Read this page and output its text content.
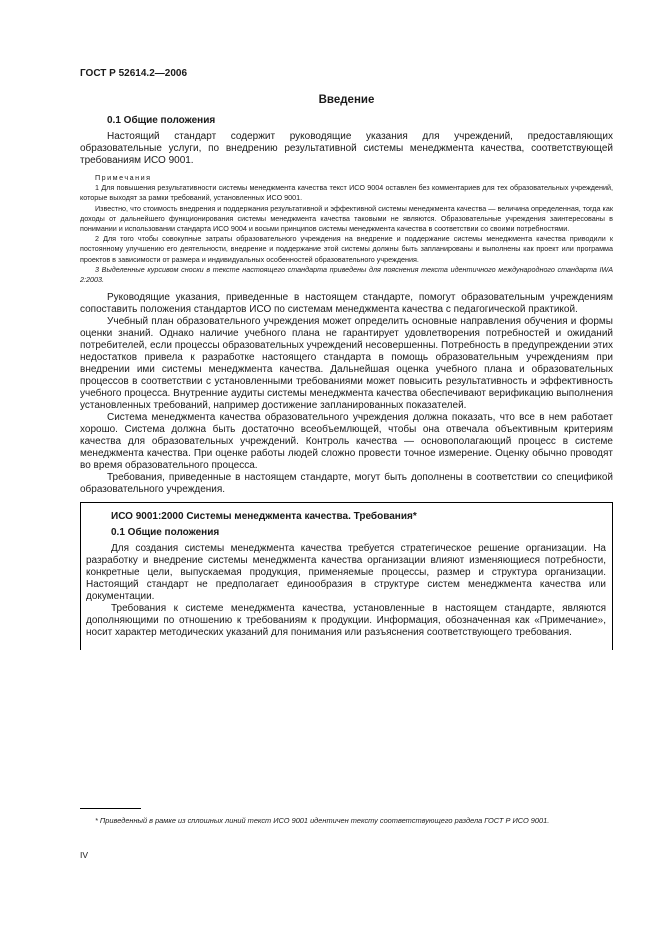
ГОСТ Р 52614.2—2006

Введение

0.1 Общие положения

Настоящий стандарт содержит руководящие указания для учреждений, предоставляющих образовательные услуги, по внедрению результативной системы менеджмента качества, соответствующей требованиям ИСО 9001.

Примечания

1 Для повышения результативности системы менеджмента качества текст ИСО 9004 оставлен без комментариев для тех образовательных учреждений, которые выходят за рамки требований, установленных ИСО 9001.

Известно, что стоимость внедрения и поддержания результативной и эффективной системы менеджмента качества — величина определенная, тогда как доходы от дальнейшего функционирования системы менеджмента качества таковыми не являются. Образовательные учреждения заинтересованы в понимании и использовании стандарта ИСО 9004 и восьми принципов системы менеджмента качества в соответствии со своими потребностями.

2 Для того чтобы совокупные затраты образовательного учреждения на внедрение и поддержание системы менеджмента качества приводили к постоянному улучшению его деятельности, внедрение и поддержание этой системы должны быть запланированы и выполнены как проект или программа проектов в зависимости от размера и индивидуальных особенностей образовательного учреждения.

3 Выделенные курсивом сноски в тексте настоящего стандарта приведены для пояснения текста идентичного международного стандарта IWA 2:2003.

Руководящие указания, приведенные в настоящем стандарте, помогут образовательным учреждениям сопоставить положения стандартов ИСО по системам менеджмента качества с педагогической практикой.

Учебный план образовательного учреждения может определить основные направления обучения и формы оценки знаний. Однако наличие учебного плана не гарантирует удовлетворения потребностей и ожиданий потребителей, если процессы образовательных учреждений несовершенны. Потребность в предупреждении этих недостатков привела к разработке настоящего стандарта в помощь образовательным учреждениям при внедрении ими системы менеджмента качества. Дальнейшая оценка учебного плана и образовательных процессов в соответствии с установленными требованиями может повысить результативность и эффективность учебного процесса. Внутренние аудиты системы менеджмента качества обеспечивают верификацию выполнения установленных требований, например достижение запланированных показателей.

Система менеджмента качества образовательного учреждения должна показать, что все в нем работает хорошо. Система должна быть достаточно всеобъемлющей, чтобы она отвечала объективным критериям качества для образовательных учреждений. Контроль качества — основополагающий процесс в системе менеджмента качества. При оценке работы людей сложно провести точное измерение. Оценку обычно проводят во время образовательного процесса.

Требования, приведенные в настоящем стандарте, могут быть дополнены в соответствии со спецификой образовательного учреждения.

ИСО 9001:2000 Системы менеджмента качества. Требования*

0.1 Общие положения

Для создания системы менеджмента качества требуется стратегическое решение организации. На разработку и внедрение системы менеджмента качества организации влияют изменяющиеся потребности, конкретные цели, выпускаемая продукция, применяемые процессы, размер и структура организации. Настоящий стандарт не предполагает единообразия в структуре систем менеджмента качества или документации.

Требования к системе менеджмента качества, установленные в настоящем стандарте, являются дополняющими по отношению к требованиям к продукции. Информация, обозначенная как «Примечание», носит характер методических указаний для понимания или разъяснения соответствующего требования.

* Приведенный в рамке из сплошных линий текст ИСО 9001 идентичен тексту соответствующего раздела ГОСТ Р ИСО 9001.

IV
